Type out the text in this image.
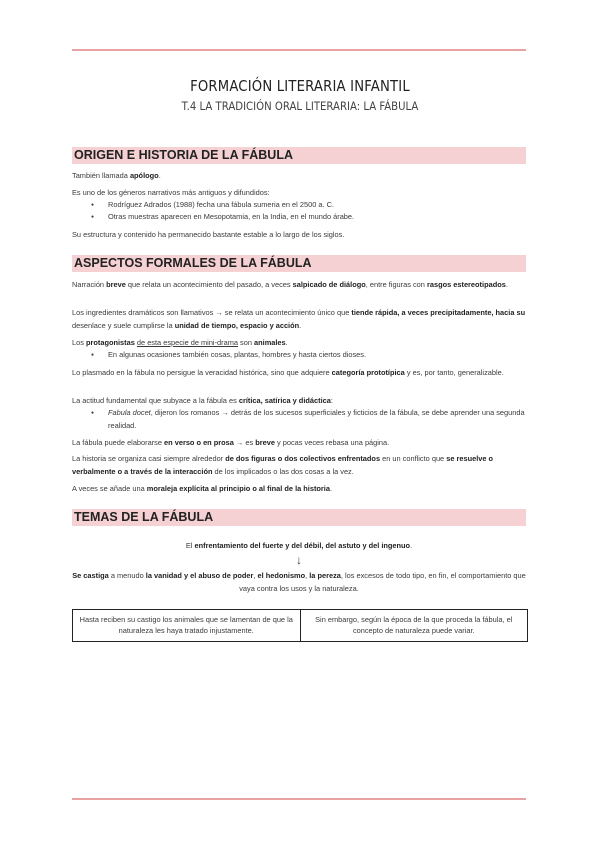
FORMACIÓN LITERARIA INFANTIL
T.4 LA TRADICIÓN ORAL LITERARIA: LA FÁBULA
ORIGEN E HISTORIA DE LA FÁBULA
También llamada apólogo.
Es uno de los géneros narrativos más antiguos y difundidos:
● Rodríguez Adrados (1988) fecha una fábula sumeria en el 2500 a. C.
● Otras muestras aparecen en Mesopotamia, en la India, en el mundo árabe.
Su estructura y contenido ha permanecido bastante estable a lo largo de los siglos.
ASPECTOS FORMALES DE LA FÁBULA
Narración breve que relata un acontecimiento del pasado, a veces salpicado de diálogo, entre figuras con rasgos estereotipados.
Los ingredientes dramáticos son llamativos → se relata un acontecimiento único que tiende rápida, a veces precipitadamente, hacia su desenlace y suele cumplirse la unidad de tiempo, espacio y acción.
Los protagonistas de esta especie de mini-drama son animales.
● En algunas ocasiones también cosas, plantas, hombres y hasta ciertos dioses.
Lo plasmado en la fábula no persigue la veracidad histórica, sino que adquiere categoría prototípica y es, por tanto, generalizable.
La actitud fundamental que subyace a la fábula es crítica, satírica y didáctica:
● Fabula docet, dijeron los romanos → detrás de los sucesos superficiales y ficticios de la fábula, se debe aprender una segunda realidad.
La fábula puede elaborarse en verso o en prosa → es breve y pocas veces rebasa una página.
La historia se organiza casi siempre alrededor de dos figuras o dos colectivos enfrentados en un conflicto que se resuelve o verbalmente o a través de la interacción de los implicados o las dos cosas a la vez.
A veces se añade una moraleja explícita al principio o al final de la historia.
TEMAS DE LA FÁBULA
El enfrentamiento del fuerte y del débil, del astuto y del ingenuo.
↓
Se castiga a menudo la vanidad y el abuso de poder, el hedonismo, la pereza, los excesos de todo tipo, en fin, el comportamiento que vaya contra los usos y la naturaleza.
Hasta reciben su castigo los animales que se lamentan de que la naturaleza les haya tratado injustamente.	Sin embargo, según la época de la que proceda la fábula, el concepto de naturaleza puede variar.
